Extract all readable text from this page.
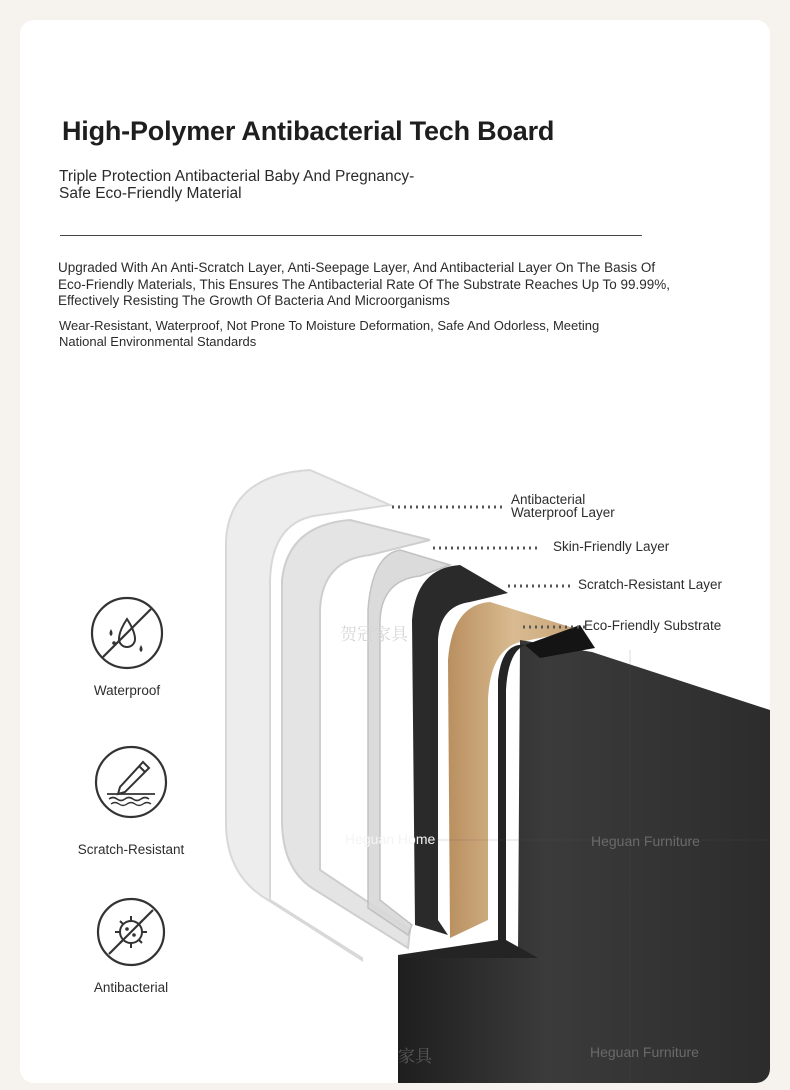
High-Polymer Antibacterial Tech Board
Triple Protection Antibacterial Baby And Pregnancy-Safe Eco-Friendly Material
Upgraded With An Anti-Scratch Layer, Anti-Seepage Layer, And Antibacterial Layer On The Basis Of Eco-Friendly Materials, This Ensures The Antibacterial Rate Of The Substrate Reaches Up To 99.99%, Effectively Resisting The Growth Of Bacteria And Microorganisms
Wear-Resistant, Waterproof, Not Prone To Moisture Deformation, Safe And Odorless, Meeting National Environmental Standards
Antibacterial
Waterproof Layer
Skin-Friendly Layer
Scratch-Resistant Layer
Eco-Friendly Substrate
贺冠家具
Heguan Home	Heguan Furniture
家具	Heguan Furniture
Waterproof
Scratch-Resistant
Antibacterial
